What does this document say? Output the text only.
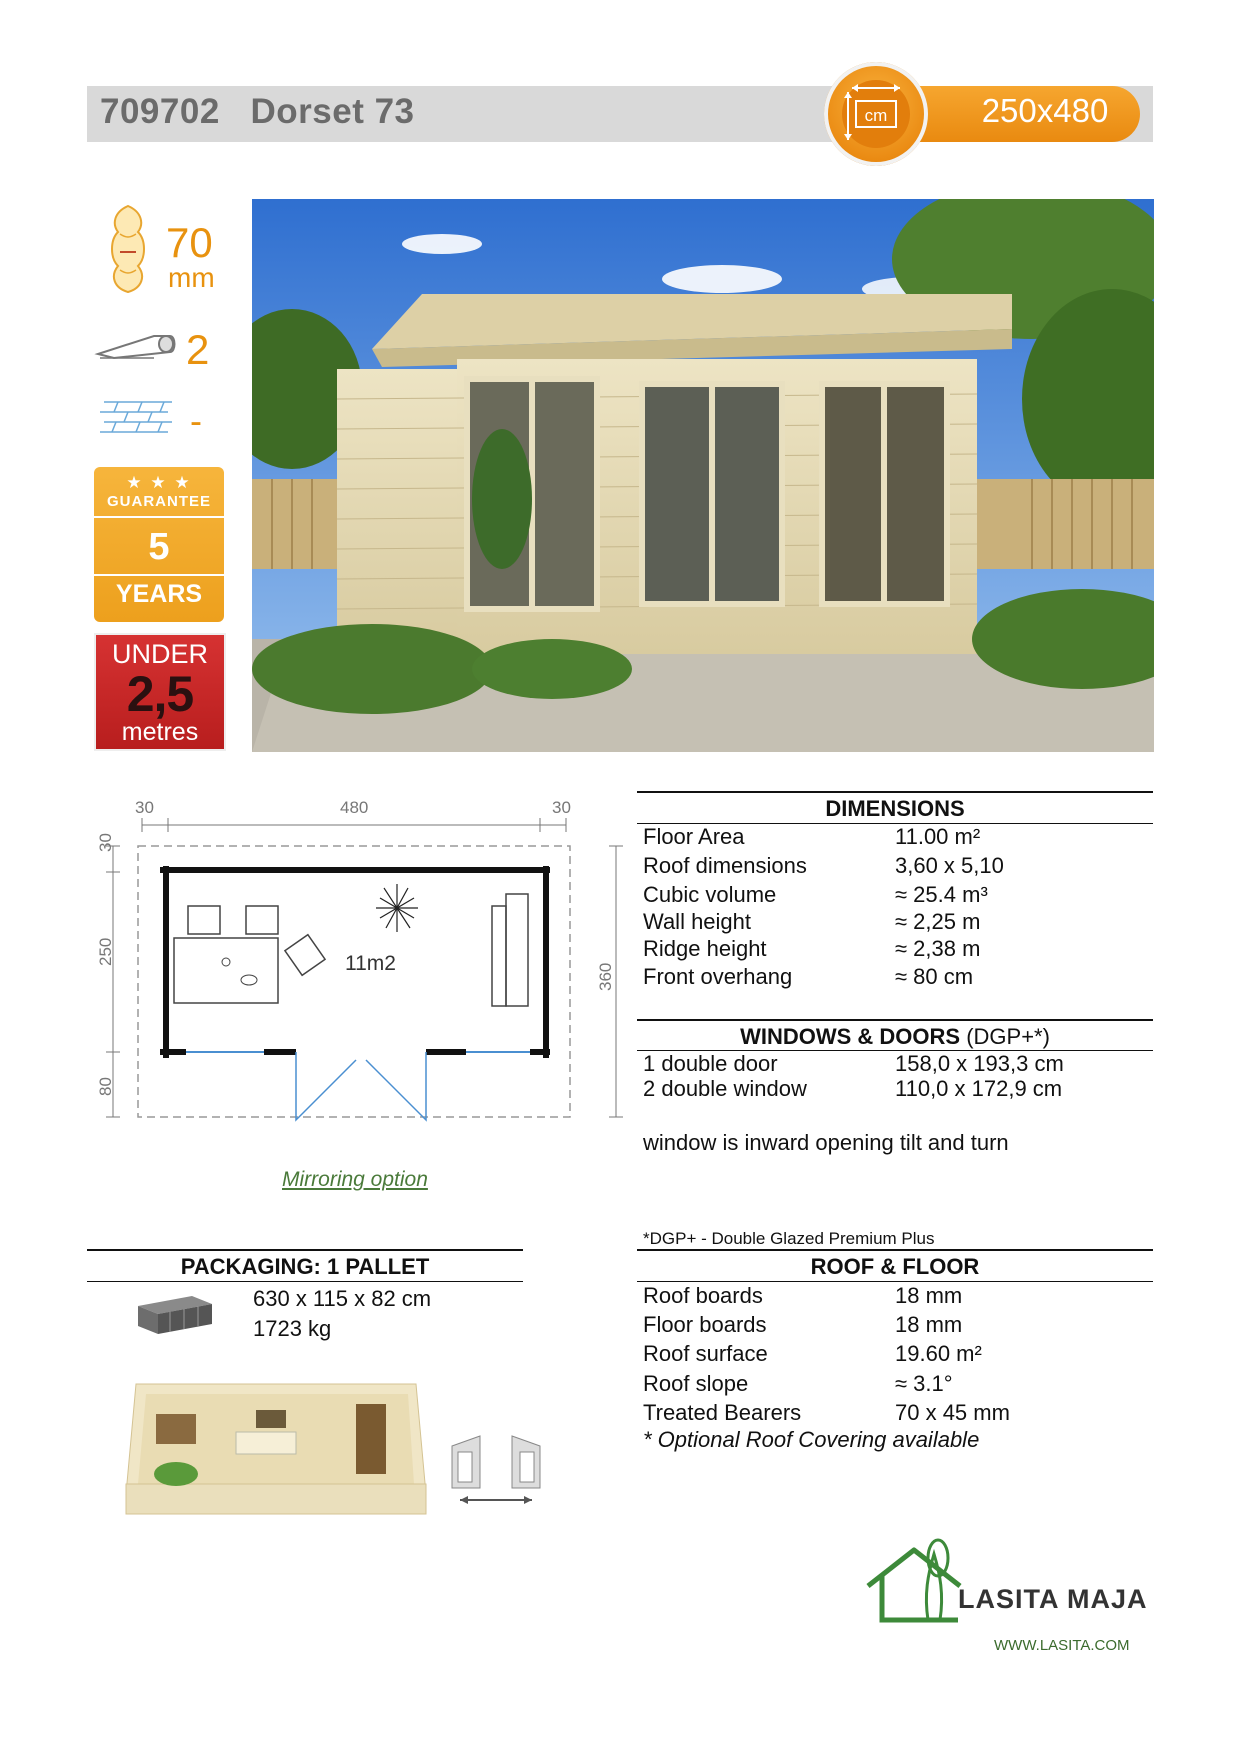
709702 Dorset 73	250x480
cm
70
mm
2
-
★ ★ ★
GUARANTEE
5
YEARS
UNDER
2,5
metres
30	480	30
30
250
80
360
11m2
Mirroring option
DIMENSIONS
Floor Area	11.00 m²
Roof dimensions	3,60 x 5,10
Cubic volume	≈ 25.4 m³
Wall height	≈ 2,25 m
Ridge height	≈ 2,38 m
Front overhang	≈ 80 cm
WINDOWS & DOORS (DGP+*)
1 double door	158,0 x 193,3 cm
2 double window	110,0 x 172,9 cm
window is inward opening tilt and turn
*DGP+ - Double Glazed Premium Plus
PACKAGING: 1 PALLET
630 x 115 x 82 cm
1723 kg
ROOF & FLOOR
Roof boards	18 mm
Floor boards	18 mm
Roof surface	19.60 m²
Roof slope	≈ 3.1°
Treated Bearers	70 x 45 mm
* Optional Roof Covering available
LASITA MAJA
WWW.LASITA.COM
